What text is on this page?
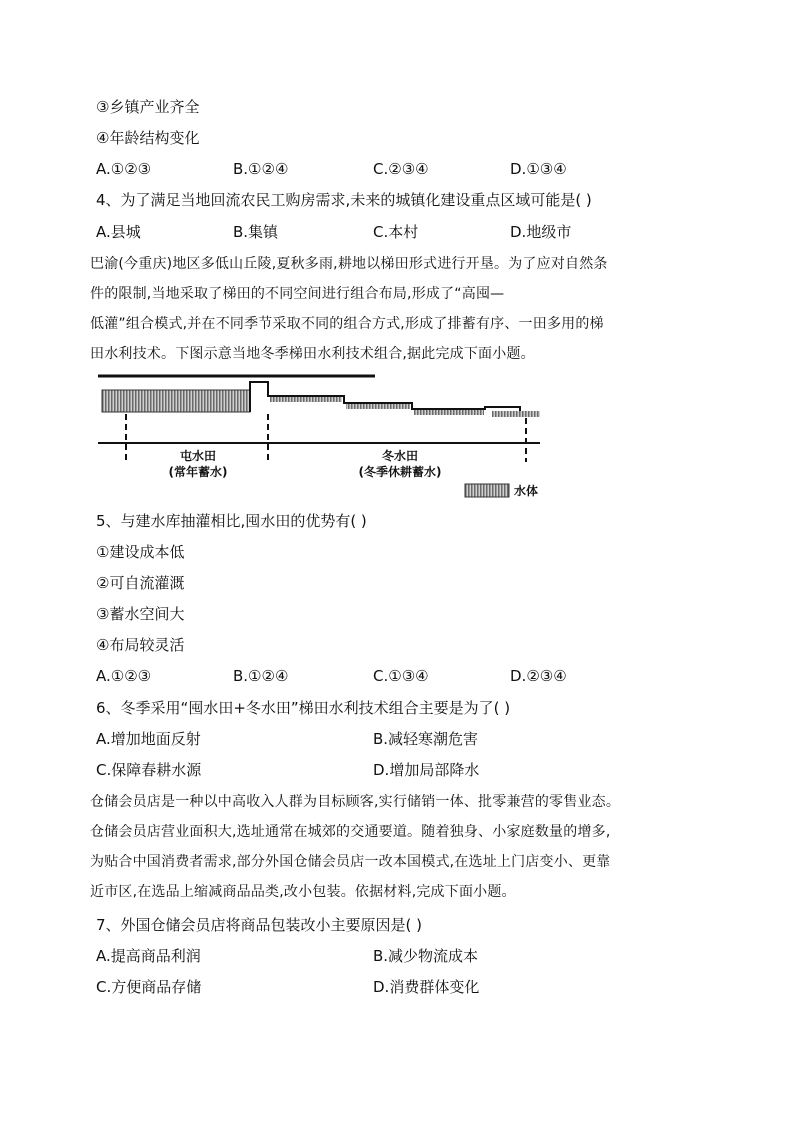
③乡镇产业齐全
④年龄结构变化
A.①②③	B.①②④	C.②③④	D.①③④
4、为了满足当地回流农民工购房需求,未来的城镇化建设重点区域可能是( )
A.县城	B.集镇	C.本村	D.地级市
巴渝(今重庆)地区多低山丘陵,夏秋多雨,耕地以梯田形式进行开垦。为了应对自然条
件的限制,当地采取了梯田的不同空间进行组合布局,形成了“高囤—
低灌”组合模式,并在不同季节采取不同的组合方式,形成了排蓄有序、一田多用的梯
田水利技术。下图示意当地冬季梯田水利技术组合,据此完成下面小题。
屯水田
(常年蓄水)
冬水田
(冬季休耕蓄水)
水体
5、与建水库抽灌相比,囤水田的优势有( )
①建设成本低
②可自流灌溉
③蓄水空间大
④布局较灵活
A.①②③	B.①②④	C.①③④	D.②③④
6、冬季采用“囤水田+冬水田”梯田水利技术组合主要是为了( )
A.增加地面反射	B.减轻寒潮危害
C.保障春耕水源	D.增加局部降水
仓储会员店是一种以中高收入人群为目标顾客,实行储销一体、批零兼营的零售业态。
仓储会员店营业面积大,选址通常在城郊的交通要道。随着独身、小家庭数量的增多,
为贴合中国消费者需求,部分外国仓储会员店一改本国模式,在选址上门店变小、更靠
近市区,在选品上缩减商品品类,改小包装。依据材料,完成下面小题。
7、外国仓储会员店将商品包装改小主要原因是( )
A.提高商品利润	B.减少物流成本
C.方便商品存储	D.消费群体变化
